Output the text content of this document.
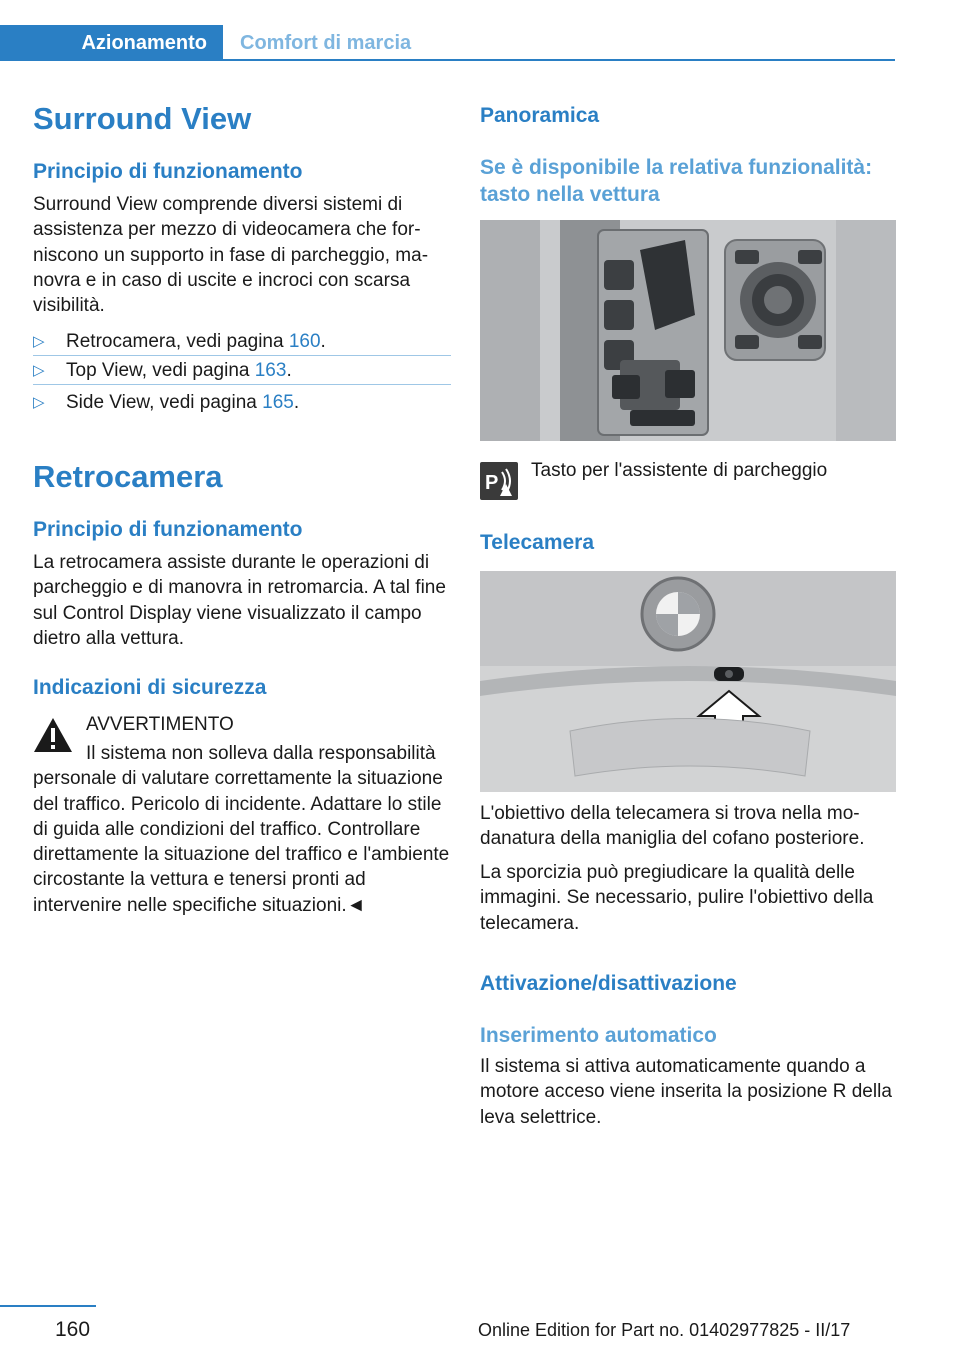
Azionamento	Comfort di marcia
Surround View
Principio di funzionamento

Surround View comprende diversi sistemi di assistenza per mezzo di videocamera che forniscono un supporto in fase di parcheggio, manovra e in caso di uscite e incroci con scarsa visibilità.

▷ Retrocamera, vedi pagina 160.
▷ Top View, vedi pagina 163.
▷ Side View, vedi pagina 165.
Retrocamera
Principio di funzionamento

La retrocamera assiste durante le operazioni di parcheggio e di manovra in retromarcia. A tal fine sul Control Display viene visualizzato il campo dietro alla vettura.

Indicazioni di sicurezza
AVVERTIMENTO

Il sistema non solleva dalla responsabilità personale di valutare correttamente la situazione del traffico. Pericolo di incidente. Adattare lo stile di guida alle condizioni del traffico. Controllare direttamente la situazione del traffico e l'ambiente circostante la vettura e tenersi pronti ad intervenire nelle specifiche situazioni.◄

Panoramica
Se è disponibile la relativa funzionalità: tasto nella vettura
P
Tasto per l'assistente di parcheggio
Telecamera

L'obiettivo della telecamera si trova nella modanatura della maniglia del cofano posteriore.

La sporcizia può pregiudicare la qualità delle immagini. Se necessario, pulire l'obiettivo della telecamera.

Attivazione/disattivazione
Inserimento automatico

Il sistema si attiva automaticamente quando a motore acceso viene inserita la posizione R della leva selettrice.

160	Online Edition for Part no. 01402977825 - II/17
